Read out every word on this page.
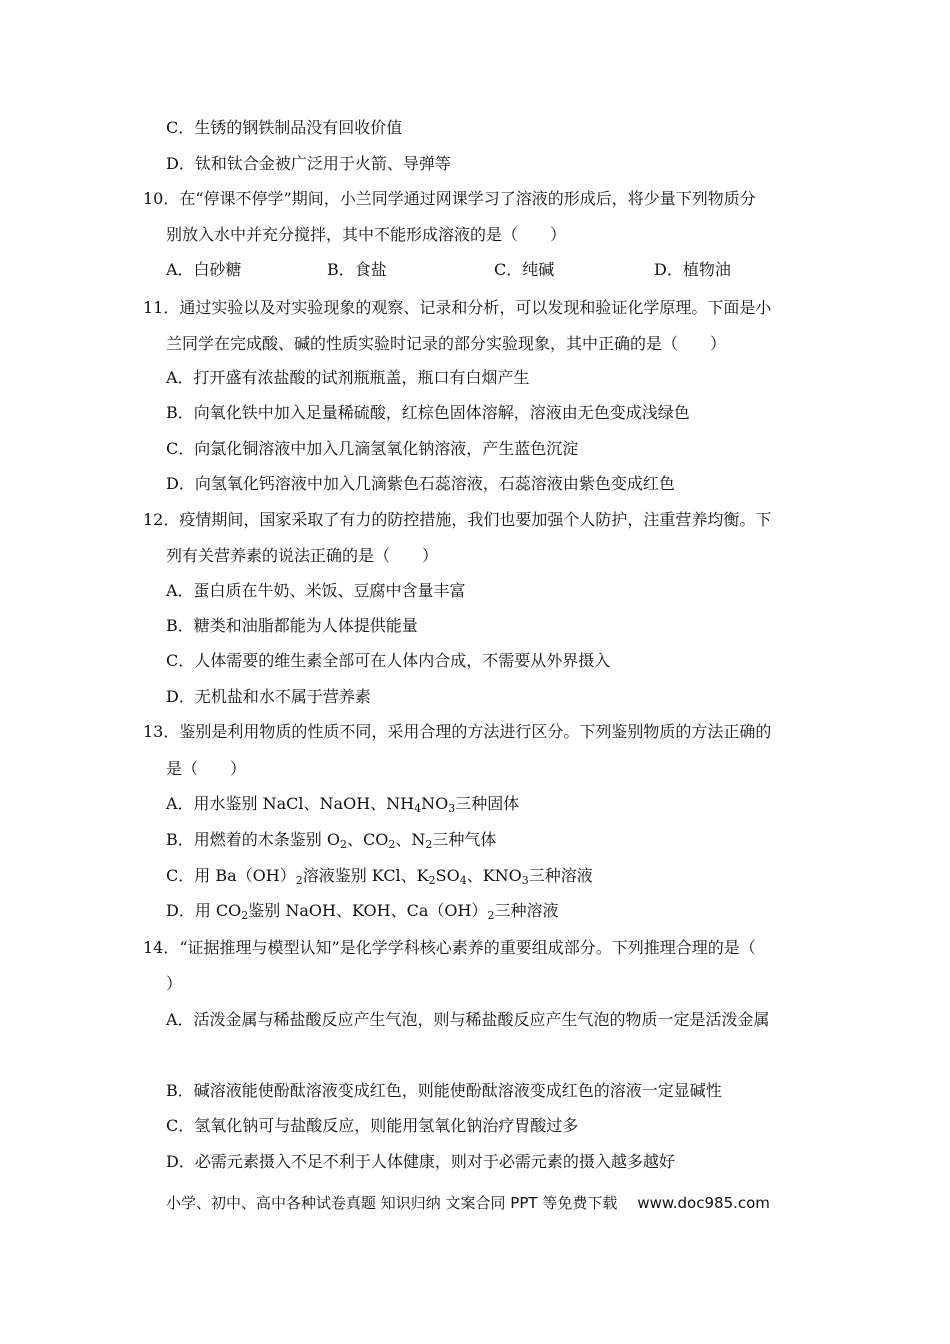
C．生锈的钢铁制品没有回收价值
D．钛和钛合金被广泛用于火箭、导弹等
10．在“停课不停学”期间，小兰同学通过网课学习了溶液的形成后，将少量下列物质分
别放入水中并充分搅拌，其中不能形成溶液的是（　　）
A．白砂糖	B．食盐	C．纯碱	D．植物油
11．通过实验以及对实验现象的观察、记录和分析，可以发现和验证化学原理。下面是小
兰同学在完成酸、碱的性质实验时记录的部分实验现象，其中正确的是（　　）
A．打开盛有浓盐酸的试剂瓶瓶盖，瓶口有白烟产生
B．向氧化铁中加入足量稀硫酸，红棕色固体溶解，溶液由无色变成浅绿色
C．向氯化铜溶液中加入几滴氢氧化钠溶液，产生蓝色沉淀
D．向氢氧化钙溶液中加入几滴紫色石蕊溶液，石蕊溶液由紫色变成红色
12．疫情期间，国家采取了有力的防控措施，我们也要加强个人防护，注重营养均衡。下
列有关营养素的说法正确的是（　　）
A．蛋白质在牛奶、米饭、豆腐中含量丰富
B．糖类和油脂都能为人体提供能量
C．人体需要的维生素全部可在人体内合成，不需要从外界摄入
D．无机盐和水不属于营养素
13．鉴别是利用物质的性质不同，采用合理的方法进行区分。下列鉴别物质的方法正确的
是（　　）
A．用水鉴别 NaCl、NaOH、$NH_4NO_3$三种固体
B．用燃着的木条鉴别 $O_2$、$CO_2$、$N_2$三种气体
C．用 $Ba(OH)_2$溶液鉴别 KCl、$K_2SO_4$、$KNO_3$三种溶液
D．用 $CO_2$鉴别 NaOH、KOH、$Ca(OH)_2$三种溶液
14．“证据推理与模型认知”是化学学科核心素养的重要组成部分。下列推理合理的是（
）
A．活泼金属与稀盐酸反应产生气泡，则与稀盐酸反应产生气泡的物质一定是活泼金属
B．碱溶液能使酚酞溶液变成红色，则能使酚酞溶液变成红色的溶液一定显碱性
C．氢氧化钠可与盐酸反应，则能用氢氧化钠治疗胃酸过多
D．必需元素摄入不足不利于人体健康，则对于必需元素的摄入越多越好
小学、初中、高中各种试卷真题 知识归纳 文案合同 PPT 等免费下载 www.doc985.com
